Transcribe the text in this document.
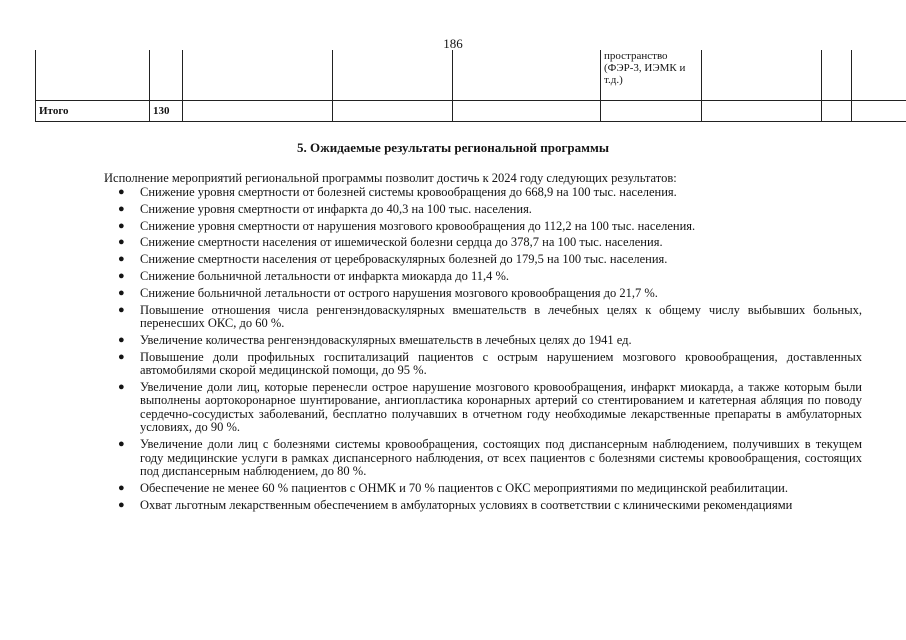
186
					пространство (ФЭР-3, ИЭМК и т.д.)			
Итого	130							
5. Ожидаемые результаты региональной программы
Исполнение мероприятий региональной программы позволит достичь к 2024 году следующих результатов:
● Снижение уровня смертности от болезней системы кровообращения до 668,9 на 100 тыс. населения.
● Снижение уровня смертности от инфаркта до 40,3 на 100 тыс. населения.
● Снижение уровня смертности от нарушения мозгового кровообращения до 112,2 на 100 тыс. населения.
● Снижение смертности населения от ишемической болезни сердца до 378,7 на 100 тыс. населения.
● Снижение смертности населения от цереброваскулярных болезней до 179,5 на 100 тыс. населения.
● Снижение больничной летальности от инфаркта миокарда до 11,4 %.
● Снижение больничной летальности от острого нарушения мозгового кровообращения до 21,7 %.
● Повышение отношения числа ренгенэндоваскулярных вмешательств в лечебных целях к общему числу выбывших больных, перенесших ОКС, до 60 %.
● Увеличение количества ренгенэндоваскулярных вмешательств в лечебных целях до 1941 ед.
● Повышение доли профильных госпитализаций пациентов с острым нарушением мозгового кровообращения, доставленных автомобилями скорой медицинской помощи, до 95 %.
● Увеличение доли лиц, которые перенесли острое нарушение мозгового кровообращения, инфаркт миокарда, а также которым были выполнены аортокоронарное шунтирование, ангиопластика коронарных артерий со стентированием и катетерная абляция по поводу сердечно-сосудистых заболеваний, бесплатно получавших в отчетном году необходимые лекарственные препараты в амбулаторных условиях, до 90 %.
● Увеличение доли лиц с болезнями системы кровообращения, состоящих под диспансерным наблюдением, получивших в текущем году медицинские услуги в рамках диспансерного наблюдения, от всех пациентов с болезнями системы кровообращения, состоящих под диспансерным наблюдением, до 80 %.
● Обеспечение не менее 60 % пациентов с ОНМК и 70 % пациентов с ОКС мероприятиями по медицинской реабилитации.
● Охват льготным лекарственным обеспечением в амбулаторных условиях в соответствии с клиническими рекомендациями
